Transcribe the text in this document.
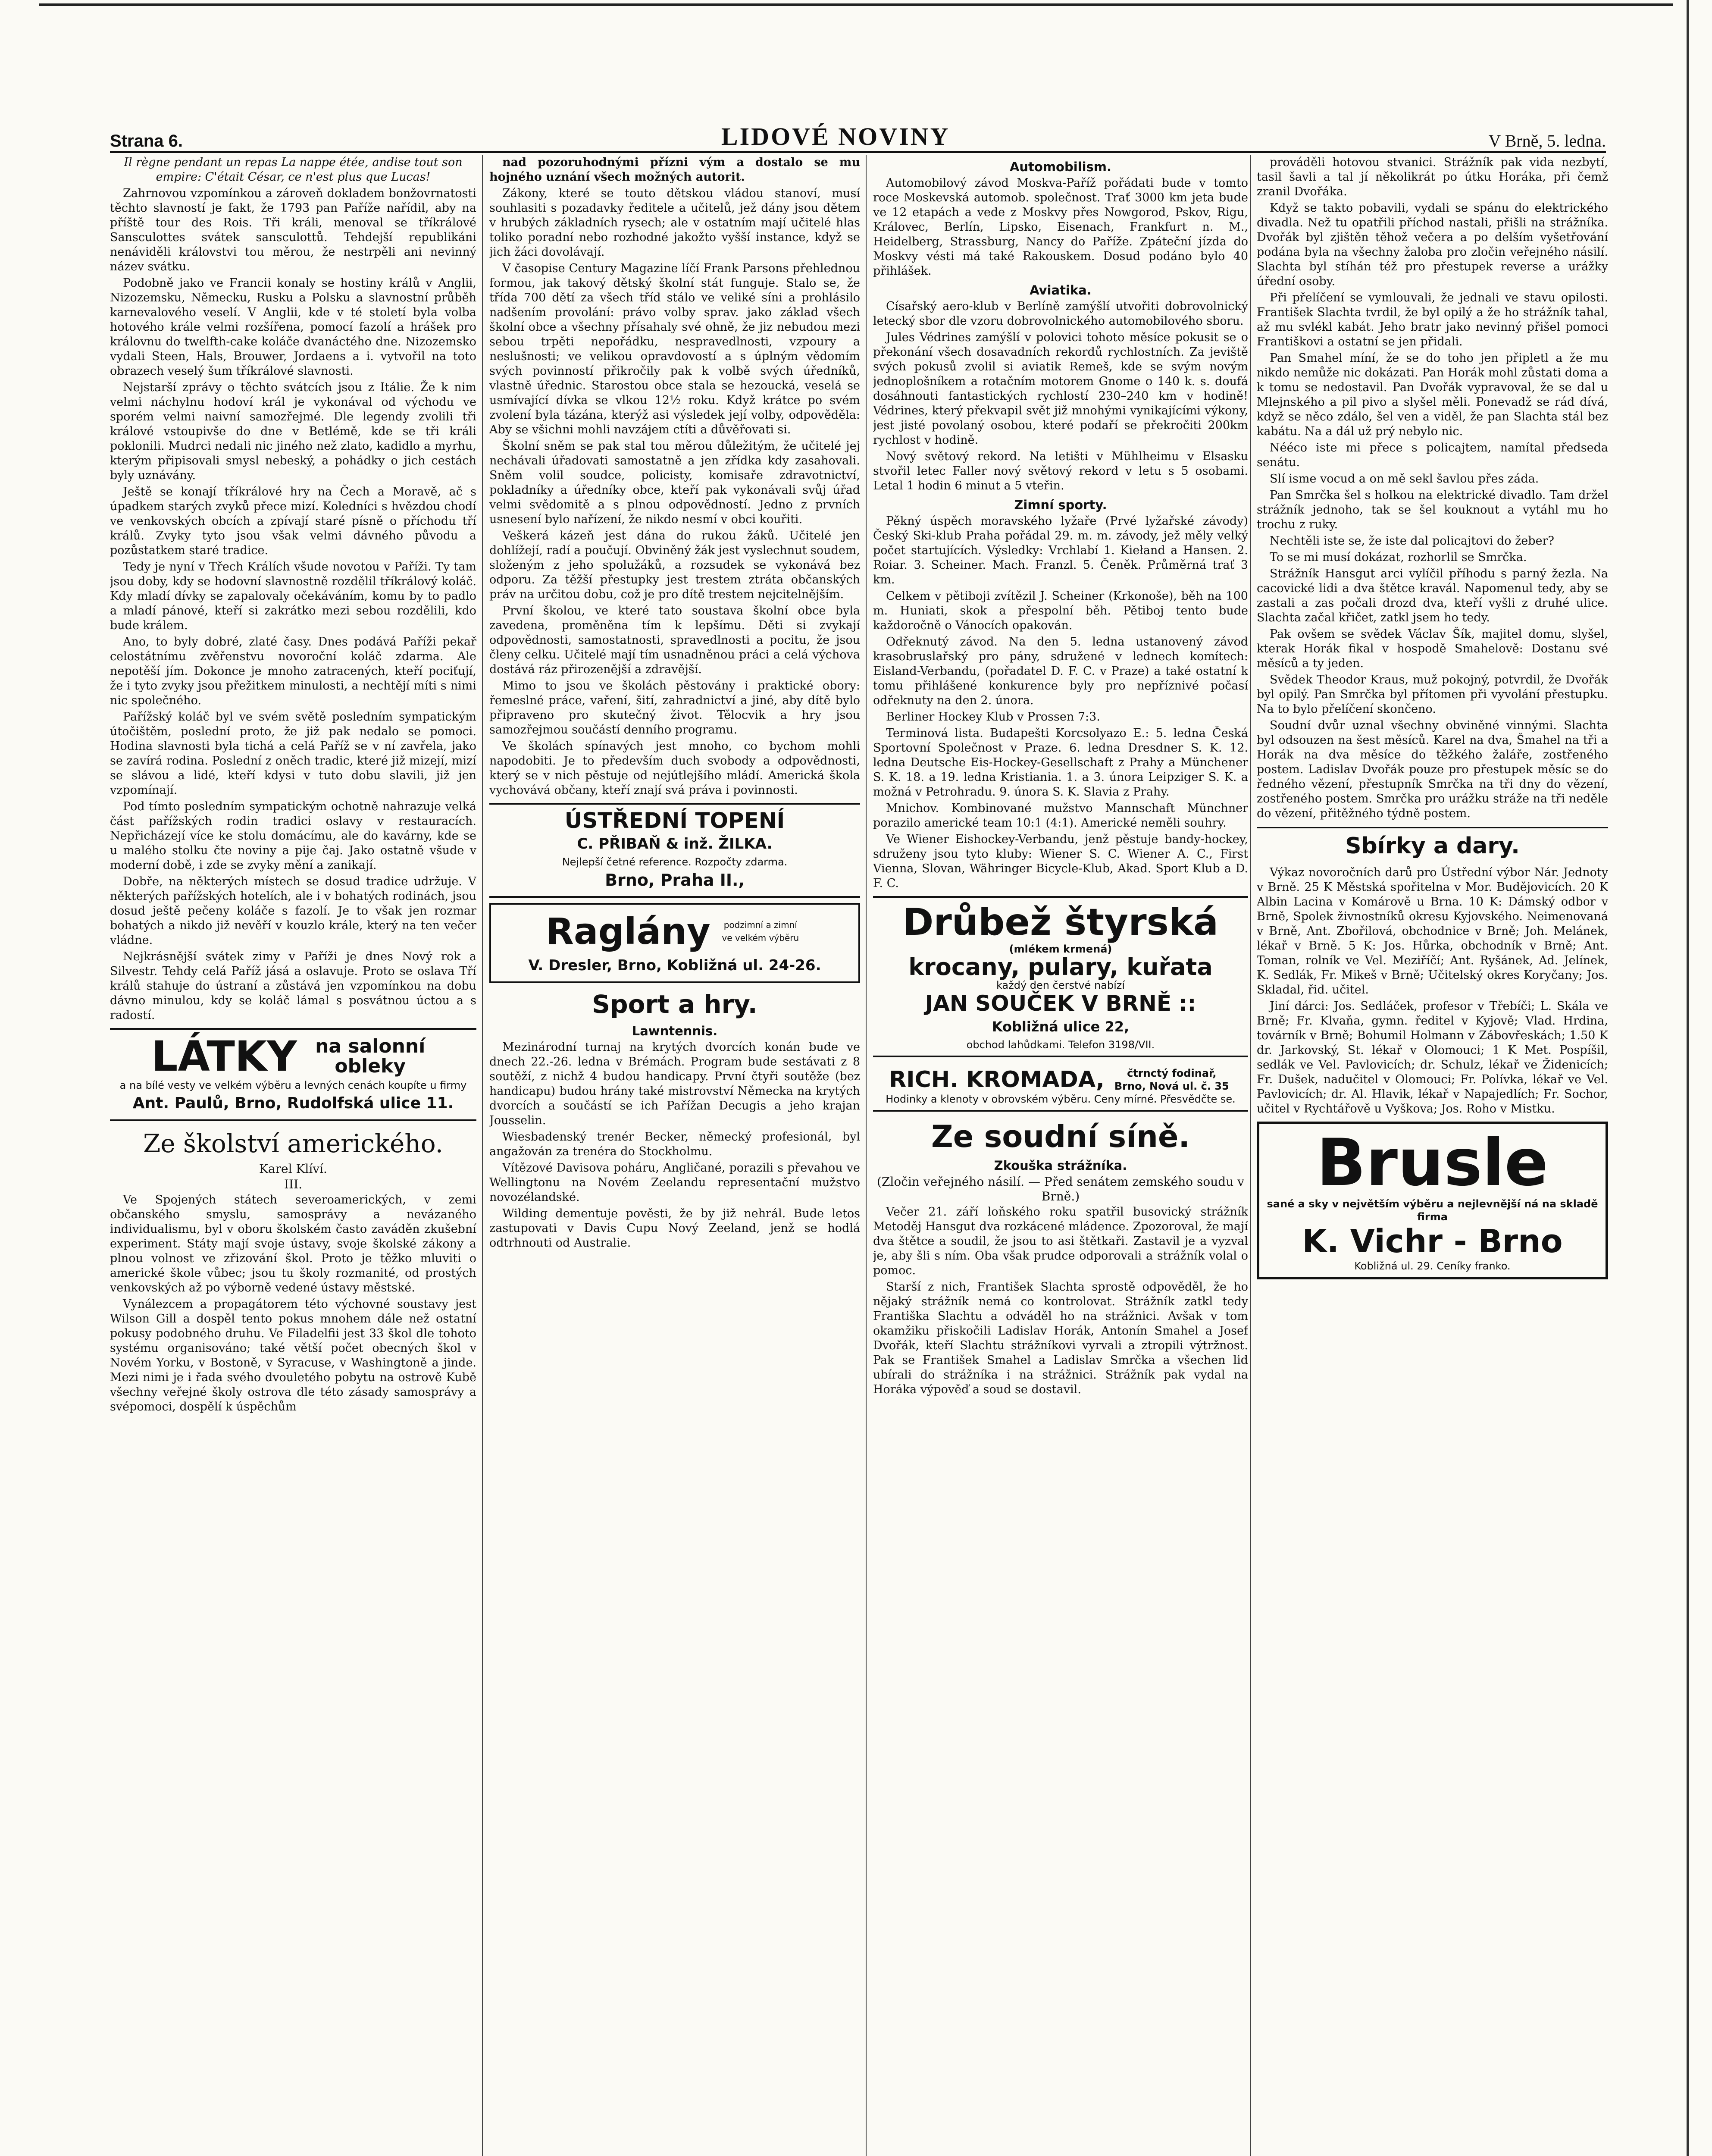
Strana 6.	LIDOVÉ NOVINY	V Brně, 5. ledna.

Il règne pendant un repas La nappe étée, andise tout son empire: C'était César, ce n'est plus que Lucas!

Zahrnovou vzpomínkou a zároveň dokladem bonžovrnatosti těchto slavností je fakt, že 1793 pan Paříže nařídil, aby na příště tour des Rois. Tři králi, menoval se tříkrálové Sansculottes svátek sansculottů. Tehdejší republikáni nenáviděli královstvi tou měrou, že nestrpěli ani nevinný název svátku.

Podobně jako ve Francii konaly se hostiny králů v Anglii, Nizozemsku, Německu, Rusku a Polsku a slavnostní průběh karnevalového veselí. V Anglii, kde v té století byla volba hotového krále velmi rozšířena, pomocí fazolí a hrášek pro královnu do twelfth-cake koláče dvanáctého dne. Nizozemsko vydali Steen, Hals, Brouwer, Jordaens a i. vytvořil na toto obrazech veselý šum tříkrálové slavnosti.

Nejstarší zprávy o těchto svátcích jsou z Itálie. Že k nim velmi náchylnu hodoví král je vykonával od východu ve sporém velmi naivní samozřejmé. Dle legendy zvolili tři králové vstoupivše do dne v Betlémě, kde se tři králi poklonili. Mudrci nedali nic jiného než zlato, kadidlo a myrhu, kterým připisovali smysl nebeský, a pohádky o jich cestách byly uznávány.

Ještě se konají tříkrálové hry na Čech a Moravě, ač s úpadkem starých zvyků přece mizí. Koledníci s hvězdou chodí ve venkovských obcích a zpívají staré písně o příchodu tří králů. Zvyky tyto jsou však velmi dávného původu a pozůstatkem staré tradice.

Tedy je nyní v Třech Králích všude novotou v Paříži. Ty tam jsou doby, kdy se hodovní slavnostně rozdělil tříkrálový koláč. Kdy mladí dívky se zapalovaly očekáváním, komu by to padlo a mladí pánové, kteří si zakrátko mezi sebou rozdělili, kdo bude králem.

Ano, to byly dobré, zlaté časy. Dnes podává Paříži pekař celostátnímu zvěřenstvu novoroční koláč zdarma. Ale nepotěší jím. Dokonce je mnoho zatracených, kteří pociťují, že i tyto zvyky jsou přežitkem minulosti, a nechtějí míti s nimi nic společného.

Pařížský koláč byl ve svém světě posledním sympatickým útočištěm, poslední proto, že již pak nedalo se pomoci. Hodina slavnosti byla tichá a celá Paříž se v ní zavřela, jako se zavírá rodina. Poslední z oněch tradic, které již mizejí, mizí se slávou a lidé, kteří kdysi v tuto dobu slavili, již jen vzpomínají.

Pod tímto posledním sympatickým ochotně nahrazuje velká část pařížských rodin tradici oslavy v restauracích. Nepřicházejí více ke stolu domácímu, ale do kavárny, kde se u malého stolku čte noviny a pije čaj. Jako ostatně všude v moderní době, i zde se zvyky mění a zanikají.

Dobře, na některých místech se dosud tradice udržuje. V některých pařížských hotelích, ale i v bohatých rodinách, jsou dosud ještě pečeny koláče s fazolí. Je to však jen rozmar bohatých a nikdo již nevěří v kouzlo krále, který na ten večer vládne.

Nejkrásnější svátek zimy v Paříži je dnes Nový rok a Silvestr. Tehdy celá Paříž jásá a oslavuje. Proto se oslava Tří králů stahuje do ústraní a zůstává jen vzpomínkou na dobu dávno minulou, kdy se koláč lámal s posvátnou úctou a s radostí.

LÁTKY na salonní obleky
a na bílé vesty ve velkém výběru a levných cenách koupíte u firmy
Ant. Paulů, Brno, Rudolfská ulice 11.
Ze školství amerického.
Karel Klíví.
III.

Ve Spojených státech severoamerických, v zemi občanského smyslu, samosprávy a nevázaného individualismu, byl v oboru školském často zaváděn zkušební experiment. Státy mají svoje ústavy, svoje školské zákony a plnou volnost ve zřizování škol. Proto je těžko mluviti o americké škole vůbec; jsou tu školy rozmanité, od prostých venkovských až po výborně vedené ústavy městské.

Vynálezcem a propagátorem této výchovné soustavy jest Wilson Gill a dospěl tento pokus mnohem dále než ostatní pokusy podobného druhu. Ve Filadelfii jest 33 škol dle tohoto systému organisováno; také větší počet obecných škol v Novém Yorku, v Bostoně, v Syracuse, v Washingtoně a jinde. Mezi nimi je i řada svého dvouletého pobytu na ostrově Kubě všechny veřejné školy ostrova dle této zásady samosprávy a svépomoci, dospělí k úspěchům

nad pozoruhodnými přízni vým a dostalo se mu hojného uznání všech možných autorit.

Zákony, které se touto dětskou vládou stanoví, musí souhlasiti s pozadavky ředitele a učitelů, jež dány jsou dětem v hrubých základních rysech; ale v ostatním mají učitelé hlas toliko poradní nebo rozhodné jakožto vyšší instance, když se jich žáci dovolávají.

V časopise Century Magazine líčí Frank Parsons přehlednou formou, jak takový dětský školní stát funguje. Stalo se, že třída 700 dětí za všech tříd stálo ve veliké síni a prohlásilo nadšením provolání: právo volby sprav. jako základ všech školní obce a všechny přísahaly své ohně, že jiz nebudou mezi sebou trpěti nepořádku, nespravedlnosti, vzpoury a neslušnosti; ve velikou opravdovostí a s úplným vědomím svých povinností přikročily pak k volbě svých úředníků, vlastně úřednic. Starostou obce stala se hezoucká, veselá se usmívající dívka se vlkou 12½ roku. Když krátce po svém zvolení byla tázána, kterýž asi výsledek její volby, odpověděla: Aby se všichni mohli navzájem ctíti a důvěřovati si.

Školní sněm se pak stal tou měrou důležitým, že učitelé jej nechávali úřadovati samostatně a jen zřídka kdy zasahovali. Sněm volil soudce, policisty, komisaře zdravotnictví, pokladníky a úředníky obce, kteří pak vykonávali svůj úřad velmi svědomitě a s plnou odpovědností. Jedno z prvních usnesení bylo nařízení, že nikdo nesmí v obci kouřiti.

Veškerá kázeň jest dána do rukou žáků. Učitelé jen dohlížejí, radí a poučují. Obviněný žák jest vyslechnut soudem, složeným z jeho spolužáků, a rozsudek se vykonává bez odporu. Za těžší přestupky jest trestem ztráta občanských práv na určitou dobu, což je pro dítě trestem nejcitelnějším.

První školou, ve které tato soustava školní obce byla zavedena, proměněna tím k lepšímu. Děti si zvykají odpovědnosti, samostatnosti, spravedlnosti a pocitu, že jsou členy celku. Učitelé mají tím usnadněnou práci a celá výchova dostává ráz přirozenější a zdravější.

Mimo to jsou ve školách pěstovány i praktické obory: řemeslné práce, vaření, šití, zahradnictví a jiné, aby dítě bylo připraveno pro skutečný život. Tělocvik a hry jsou samozřejmou součástí denního programu.

Ve školách spínavých jest mnoho, co bychom mohli napodobiti. Je to především duch svobody a odpovědnosti, který se v nich pěstuje od nejútlejšího mládí. Americká škola vychovává občany, kteří znají svá práva i povinnosti.

ÚSTŘEDNÍ TOPENÍ
C. PŘIBAŇ & inž. ŽILKA.
Nejlepší četné reference. Rozpočty zdarma.
Brno, Praha II.,
Raglány	podzimní a zimní ve velkém výběru
V. Dresler, Brno, Kobližná ul. 24-26.
Sport a hry.
Lawntennis.

Mezinárodní turnaj na krytých dvorcích konán bude ve dnech 22.-26. ledna v Brémách. Program bude sestávati z 8 soutěží, z nichž 4 budou handicapy. První čtyři soutěže (bez handicapu) budou hrány také mistrovství Německa na krytých dvorcích a součástí se ich Pařížan Decugis a jeho krajan Jousselin.

Wiesbadenský trenér Becker, německý profesionál, byl angažován za trenéra do Stockholmu.

Vítězové Davisova poháru, Angličané, porazili s převahou ve Wellingtonu na Novém Zeelandu representační mužstvo novozélandské.

Wilding dementuje pověsti, že by již nehrál. Bude letos zastupovati v Davis Cupu Nový Zeeland, jenž se hodlá odtrhnouti od Australie.

Automobilism.

Automobilový závod Moskva-Paříž pořádati bude v tomto roce Moskevská automob. společnost. Trať 3000 km jeta bude ve 12 etapách a vede z Moskvy přes Nowgorod, Pskov, Rigu, Královec, Berlín, Lipsko, Eisenach, Frankfurt n. M., Heidelberg, Strassburg, Nancy do Paříže. Zpáteční jízda do Moskvy vésti má také Rakouskem. Dosud podáno bylo 40 přihlášek.

Aviatika.

Císařský aero-klub v Berlíně zamýšlí utvořiti dobrovolnický letecký sbor dle vzoru dobrovolnického automobilového sboru.

Jules Védrines zamýšlí v polovici tohoto měsíce pokusit se o překonání všech dosavadních rekordů rychlostních. Za jeviště svých pokusů zvolil si aviatik Remeš, kde se svým novým jednoplošníkem a rotačním motorem Gnome o 140 k. s. doufá dosáhnouti fantastických rychlostí 230–240 km v hodině! Védrines, který překvapil svět již mnohými vynikajícími výkony, jest jisté povolaný osobou, které podaří se překročiti 200km rychlost v hodině.

Nový světový rekord. Na letišti v Mühlheimu v Elsasku stvořil letec Faller nový světový rekord v letu s 5 osobami. Letal 1 hodin 6 minut a 5 vteřin.

Zimní sporty.

Pěkný úspěch moravského lyžaře (Prvé lyžařské závody) Český Ski-klub Praha pořádal 29. m. m. závody, jež měly velký počet startujících. Výsledky: Vrchlabí 1. Kiełand a Hansen. 2. Roiar. 3. Scheiner. Mach. Franzl. 5. Čeněk. Průměrná trať 3 km.

Celkem v pětiboji zvítězil J. Scheiner (Krkonoše), běh na 100 m. Huniati, skok a přespolní běh. Pětiboj tento bude každoročně o Vánocích opakován.

Odřeknutý závod. Na den 5. ledna ustanovený závod krasobruslařský pro pány, sdružené v lednech komítech: Eisland-Verbandu, (pořadatel D. F. C. v Praze) a také ostatní k tomu přihlášené konkurence byly pro nepříznivé počasí odřeknuty na den 2. února.

Berliner Hockey Klub v Prossen 7:3.

Terminová lista. Budapešti Korcsolyazo E.: 5. ledna Česká Sportovní Společnost v Praze. 6. ledna Dresdner S. K. 12. ledna Deutsche Eis-Hockey-Gesellschaft z Prahy a Münchener S. K. 18. a 19. ledna Kristiania. 1. a 3. února Leipziger S. K. a možná v Petrohradu. 9. února S. K. Slavia z Prahy.

Mnichov. Kombinované mužstvo Mannschaft Münchner porazilo americké team 10:1 (4:1). Americké neměli souhry.

Ve Wiener Eishockey-Verbandu, jenž pěstuje bandy-hockey, sdruženy jsou tyto kluby: Wiener S. C. Wiener A. C., First Vienna, Slovan, Währinger Bicycle-Klub, Akad. Sport Klub a D. F. C.

Drůbež štyrská
(mlékem krmená)
krocany, pulary, kuřata
každý den čerstvé nabízí
JAN SOUČEK V BRNĚ ::
Kobližná ulice 22,
obchod lahůdkami. Telefon 3198/VII.
RICH. KROMADA,	čtrnctý fodinař, Brno, Nová ul. č. 35
Hodinky a klenoty v obrovském výběru. Ceny mírné. Přesvědčte se.
Ze soudní síně.
Zkouška strážníka.
(Zločin veřejného násilí. — Před senátem zemského soudu v Brně.)

Večer 21. září loňského roku spatřil busovický strážník Metoděj Hansgut dva rozkácené mládence. Zpozoroval, že mají dva štětce a soudil, že jsou to asi štětkaři. Zastavil je a vyzval je, aby šli s ním. Oba však prudce odporovali a strážník volal o pomoc.

Starší z nich, František Slachta sprostě odpověděl, že ho nějaký strážník nemá co kontrolovat. Strážník zatkl tedy Františka Slachtu a odváděl ho na strážnici. Avšak v tom okamžiku přiskočili Ladislav Horák, Antonín Smahel a Josef Dvořák, kteří Slachtu strážníkovi vyrvali a ztropili výtržnost. Pak se František Smahel a Ladislav Smrčka a všechen lid ubírali do strážníka i na strážnici. Strážník pak vydal na Horáka výpověď a soud se dostavil.

prováděli hotovou stvanici. Strážník pak vida nezbytí, tasil šavli a tal jí několikrát po útku Horáka, při čemž zranil Dvořáka.

Když se takto pobavili, vydali se spánu do elektrického divadla. Než tu opatřili příchod nastali, přišli na strážníka. Dvořák byl zjištěn těhož večera a po delším vyšetřování podána byla na všechny žaloba pro zločin veřejného násilí. Slachta byl stíhán též pro přestupek reverse a urážky úřední osoby.

Při přelíčení se vymlouvali, že jednali ve stavu opilosti. František Slachta tvrdil, že byl opilý a že ho strážník tahal, až mu svlékl kabát. Jeho bratr jako nevinný přišel pomoci Františkovi a ostatní se jen přidali.

Pan Smahel míní, že se do toho jen připletl a že mu nikdo nemůže nic dokázati. Pan Horák mohl zůstati doma a k tomu se nedostavil. Pan Dvořák vypravoval, že se dal u Mlejnského a pil pivo a slyšel měli. Ponevadž se rád dívá, když se něco zdálo, šel ven a viděl, že pan Slachta stál bez kabátu. Na a dál už prý nebylo nic.

Nééco iste mi přece s policajtem, namítal předseda senátu.

Slí isme vocud a on mě sekl šavlou přes záda.

Pan Smrčka šel s holkou na elektrické divadlo. Tam držel strážník jednoho, tak se šel kouknout a vytáhl mu ho trochu z ruky.

Nechtěli iste se, že iste dal policajtovi do žeber?

To se mi musí dokázat, rozhorlil se Smrčka.

Strážník Hansgut arci vylíčil příhodu s parný žezla. Na cacovické lidi a dva štětce kravál. Napomenul tedy, aby se zastali a zas počali drozd dva, kteří vyšli z druhé ulice. Slachta začal křičet, zatkl jsem ho tedy.

Pak ovšem se svědek Václav Šík, majitel domu, slyšel, kterak Horák fikal v hospodě Smahelově: Dostanu své měsíců a ty jeden.

Svědek Theodor Kraus, muž pokojný, potvrdil, že Dvořák byl opilý. Pan Smrčka byl přítomen při vyvolání přestupku. Na to bylo přelíčení skončeno.

Soudní dvůr uznal všechny obviněné vinnými. Slachta byl odsouzen na šest měsíců. Karel na dva, Šmahel na tři a Horák na dva měsíce do těžkého žaláře, zostřeného postem. Ladislav Dvořák pouze pro přestupek měsíc se do ředného vězení, přestupník Smrčka na tři dny do vězení, zostřeného postem. Smrčka pro urážku stráže na tři neděle do vězení, přitěžného týdně postem.

Sbírky a dary.

Výkaz novoročních darů pro Ústřední výbor Nár. Jednoty v Brně. 25 K Městská spořitelna v Mor. Budějovicích. 20 K Albin Lacina v Komárově u Brna. 10 K: Dámský odbor v Brně, Spolek živnostníků okresu Kyjovského. Neimenovaná v Brně, Ant. Zbořilová, obchodnice v Brně; Joh. Melánek, lékař v Brně. 5 K: Jos. Hůrka, obchodník v Brně; Ant. Toman, rolník ve Vel. Meziříčí; Ant. Ryšánek, Ad. Jelínek, K. Sedlák, Fr. Mikeš v Brně; Učitelský okres Koryčany; Jos. Skladal, řid. učitel.

Jiní dárci: Jos. Sedláček, profesor v Třebíči; L. Skála ve Brně; Fr. Klvaňa, gymn. ředitel v Kyjově; Vlad. Hrdina, továrník v Brně; Bohumil Holmann v Zábovřeskách; 1.50 K dr. Jarkovský, St. lékař v Olomouci; 1 K Met. Pospíšil, sedlák ve Vel. Pavlovicích; dr. Schulz, lékař ve Židenicích; Fr. Dušek, nadučitel v Olomouci; Fr. Polívka, lékař ve Vel. Pavlovicích; dr. Al. Hlavik, lékař v Napajedlích; Fr. Sochor, učitel v Rychtářově u Vyškova; Jos. Roho v Mistku.

Brusle
sané a sky v největším výběru a nejlevnější ná na skladě firma
K. Vichr - Brno
Kobližná ul. 29. Ceníky franko.
